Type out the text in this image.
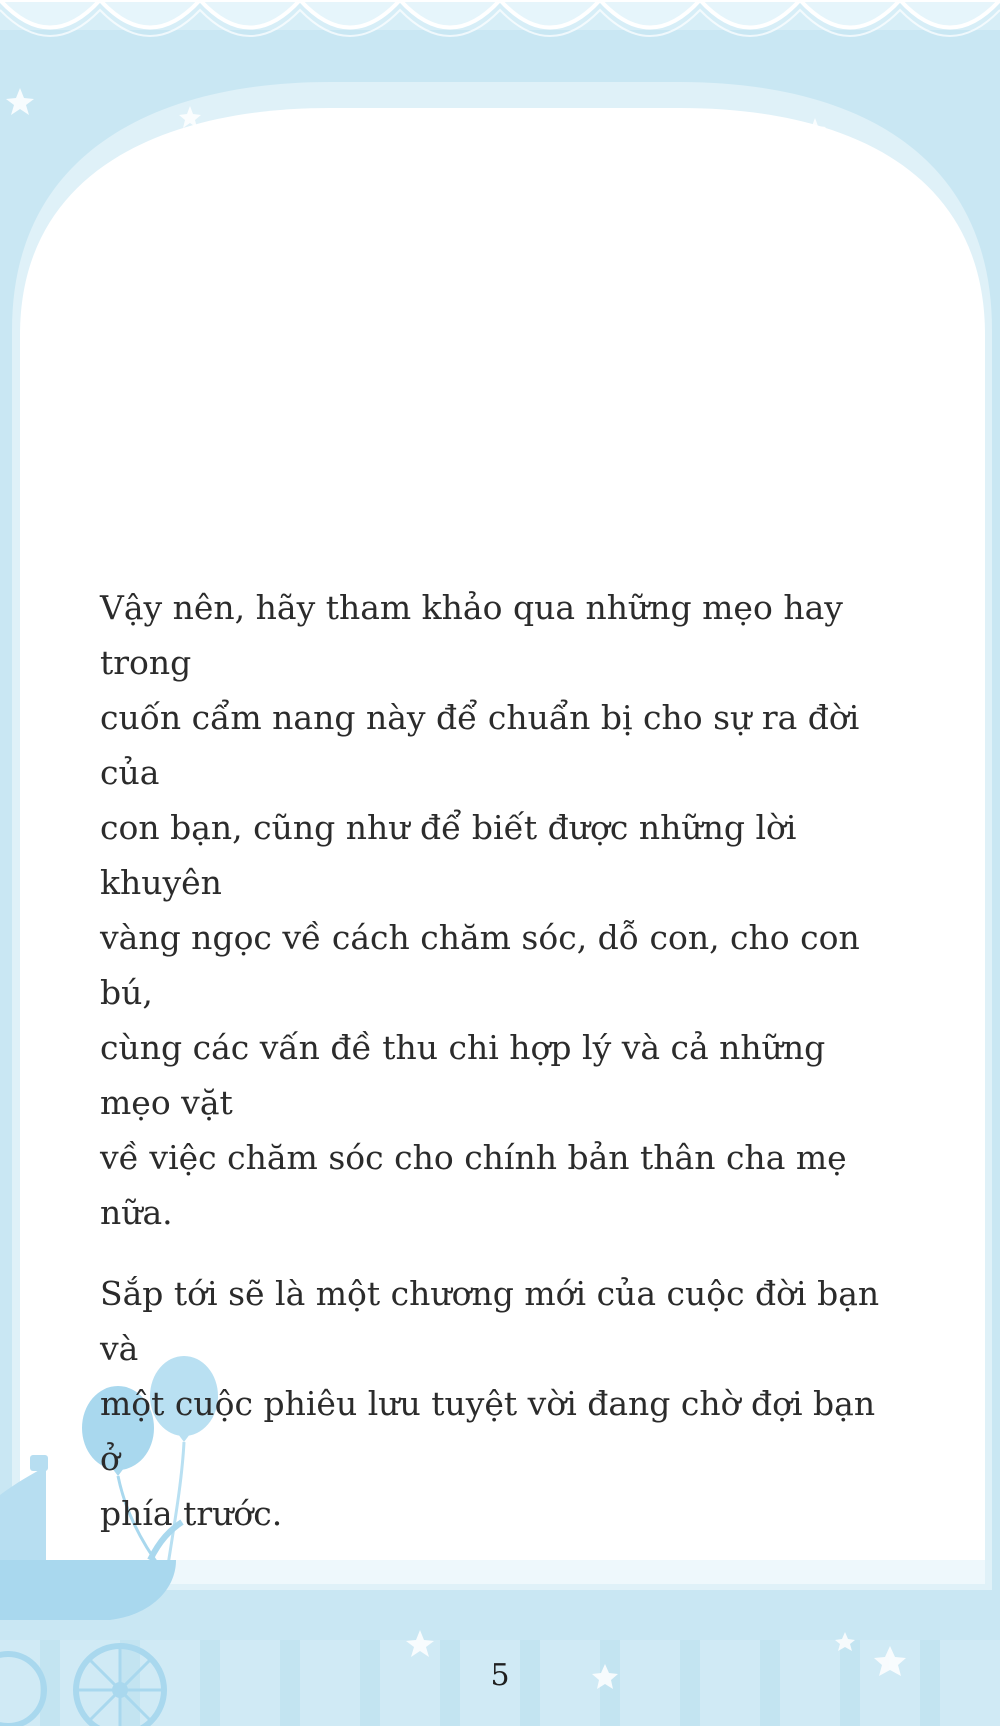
Vậy nên, hãy tham khảo qua những mẹo hay trong
cuốn cẩm nang này để chuẩn bị cho sự ra đời của
con bạn, cũng như để biết được những lời khuyên
vàng ngọc về cách chăm sóc, dỗ con, cho con bú,
cùng các vấn đề thu chi hợp lý và cả những mẹo vặt
về việc chăm sóc cho chính bản thân cha mẹ nữa.

Sắp tới sẽ là một chương mới của cuộc đời bạn và
một cuộc phiêu lưu tuyệt vời đang chờ đợi bạn ở
phía trước.

5
